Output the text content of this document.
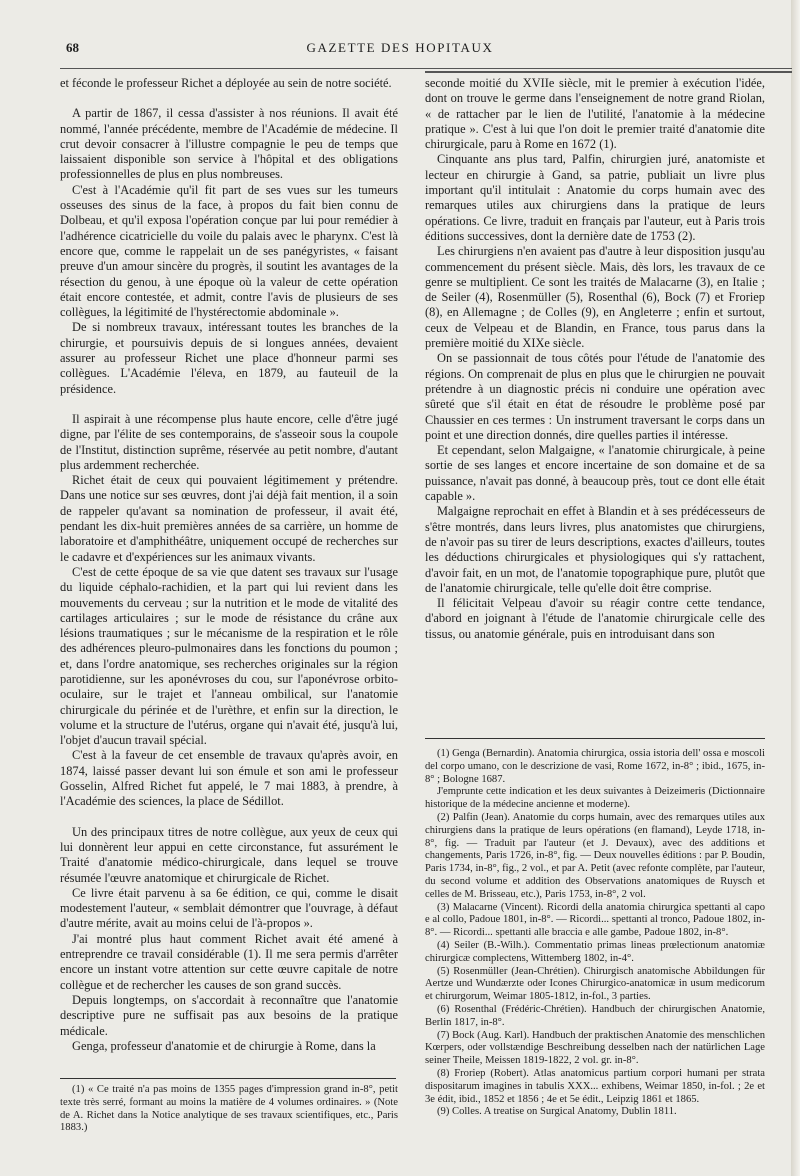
68	GAZETTE DES HOPITAUX

et féconde le professeur Richet a déployée au sein de notre société.

A partir de 1867, il cessa d'assister à nos réunions. Il avait été nommé, l'année précédente, membre de l'Académie de médecine. Il crut devoir consacrer à l'illustre compagnie le peu de temps que laissaient disponible son service à l'hôpital et des obligations professionnelles de plus en plus nombreuses.

C'est à l'Académie qu'il fit part de ses vues sur les tumeurs osseuses des sinus de la face, à propos du fait bien connu de Dolbeau, et qu'il exposa l'opération conçue par lui pour remédier à l'adhérence cicatricielle du voile du palais avec le pharynx. C'est là encore que, comme le rappelait un de ses panégyristes, « faisant preuve d'un amour sincère du progrès, il soutint les avantages de la résection du genou, à une époque où la valeur de cette opération était encore contestée, et admit, contre l'avis de plusieurs de ses collègues, la légitimité de l'hystérectomie abdominale ».

De si nombreux travaux, intéressant toutes les branches de la chirurgie, et poursuivis depuis de si longues années, devaient assurer au professeur Richet une place d'honneur parmi ses collègues. L'Académie l'éleva, en 1879, au fauteuil de la présidence.

Il aspirait à une récompense plus haute encore, celle d'être jugé digne, par l'élite de ses contemporains, de s'asseoir sous la coupole de l'Institut, distinction suprême, réservée au petit nombre, d'autant plus ardemment recherchée.

Richet était de ceux qui pouvaient légitimement y prétendre. Dans une notice sur ses œuvres, dont j'ai déjà fait mention, il a soin de rappeler qu'avant sa nomination de professeur, il avait été, pendant les dix-huit premières années de sa carrière, un homme de laboratoire et d'amphithéâtre, uniquement occupé de recherches sur le cadavre et d'expériences sur les animaux vivants.

C'est de cette époque de sa vie que datent ses travaux sur l'usage du liquide céphalo-rachidien, et la part qui lui revient dans les mouvements du cerveau ; sur la nutrition et le mode de vitalité des cartilages articulaires ; sur le mode de résistance du crâne aux lésions traumatiques ; sur le mécanisme de la respiration et le rôle des adhérences pleuro-pulmonaires dans les fonctions du poumon ; et, dans l'ordre anatomique, ses recherches originales sur la région parotidienne, sur les aponévroses du cou, sur l'aponévrose orbito-oculaire, sur le trajet et l'anneau ombilical, sur l'anatomie chirurgicale du périnée et de l'urèthre, et enfin sur la direction, le volume et la structure de l'utérus, organe qui n'avait été, jusqu'à lui, l'objet d'aucun travail spécial.

C'est à la faveur de cet ensemble de travaux qu'après avoir, en 1874, laissé passer devant lui son émule et son ami le professeur Gosselin, Alfred Richet fut appelé, le 7 mai 1883, à prendre, à l'Académie des sciences, la place de Sédillot.

Un des principaux titres de notre collègue, aux yeux de ceux qui lui donnèrent leur appui en cette circonstance, fut assurément le Traité d'anatomie médico-chirurgicale, dans lequel se trouve résumée l'œuvre anatomique et chirurgicale de Richet.

Ce livre était parvenu à sa 6e édition, ce qui, comme le disait modestement l'auteur, « semblait démontrer que l'ouvrage, à défaut d'autre mérite, avait au moins celui de l'à-propos ».

J'ai montré plus haut comment Richet avait été amené à entreprendre ce travail considérable (1). Il me sera permis d'arrêter encore un instant votre attention sur cette œuvre capitale de notre collègue et de rechercher les causes de son grand succès.

Depuis longtemps, on s'accordait à reconnaître que l'anatomie descriptive pure ne suffisait pas aux besoins de la pratique médicale.

Genga, professeur d'anatomie et de chirurgie à Rome, dans la

(1) « Ce traité n'a pas moins de 1355 pages d'impression grand in-8°, petit texte très serré, formant au moins la matière de 4 volumes ordinaires. » (Note de A. Richet dans la Notice analytique de ses travaux scientifiques, etc., Paris 1883.)

seconde moitié du XVIIe siècle, mit le premier à exécution l'idée, dont on trouve le germe dans l'enseignement de notre grand Riolan, « de rattacher par le lien de l'utilité, l'anatomie à la médecine pratique ». C'est à lui que l'on doit le premier traité d'anatomie dite chirurgicale, paru à Rome en 1672 (1).

Cinquante ans plus tard, Palfin, chirurgien juré, anatomiste et lecteur en chirurgie à Gand, sa patrie, publiait un livre plus important qu'il intitulait : Anatomie du corps humain avec des remarques utiles aux chirurgiens dans la pratique de leurs opérations. Ce livre, traduit en français par l'auteur, eut à Paris trois éditions successives, dont la dernière date de 1753 (2).

Les chirurgiens n'en avaient pas d'autre à leur disposition jusqu'au commencement du présent siècle. Mais, dès lors, les travaux de ce genre se multiplient. Ce sont les traités de Malacarne (3), en Italie ; de Seiler (4), Rosenmüller (5), Rosenthal (6), Bock (7) et Froriep (8), en Allemagne ; de Colles (9), en Angleterre ; enfin et surtout, ceux de Velpeau et de Blandin, en France, tous parus dans la première moitié du XIXe siècle.

On se passionnait de tous côtés pour l'étude de l'anatomie des régions. On comprenait de plus en plus que le chirurgien ne pouvait prétendre à un diagnostic précis ni conduire une opération avec sûreté que s'il était en état de résoudre le problème posé par Chaussier en ces termes : Un instrument traversant le corps dans un point et une direction donnés, dire quelles parties il intéresse.

Et cependant, selon Malgaigne, « l'anatomie chirurgicale, à peine sortie de ses langes et encore incertaine de son domaine et de sa puissance, n'avait pas donné, à beaucoup près, tout ce dont elle était capable ».

Malgaigne reprochait en effet à Blandin et à ses prédécesseurs de s'être montrés, dans leurs livres, plus anatomistes que chirurgiens, de n'avoir pas su tirer de leurs descriptions, exactes d'ailleurs, toutes les déductions chirurgicales et physiologiques qui s'y rattachent, d'avoir fait, en un mot, de l'anatomie topographique pure, plutôt que de l'anatomie chirurgicale, telle qu'elle doit être comprise.

Il félicitait Velpeau d'avoir su réagir contre cette tendance, d'abord en joignant à l'étude de l'anatomie chirurgicale celle des tissus, ou anatomie générale, puis en introduisant dans son

(1) Genga (Bernardin). Anatomia chirurgica, ossia istoria dell' ossa e moscoli del corpo umano, con le descrizione de vasi, Rome 1672, in-8° ; ibid., 1675, in-8° ; Bologne 1687.

J'emprunte cette indication et les deux suivantes à Deizeimeris (Dictionnaire historique de la médecine ancienne et moderne).

(2) Palfin (Jean). Anatomie du corps humain, avec des remarques utiles aux chirurgiens dans la pratique de leurs opérations (en flamand), Leyde 1718, in-8°, fig. — Traduit par l'auteur (et J. Devaux), avec des additions et changements, Paris 1726, in-8°, fig. — Deux nouvelles éditions : par P. Boudin, Paris 1734, in-8°, fig., 2 vol., et par A. Petit (avec refonte complète, par l'auteur, du second volume et addition des Observations anatomiques de Ruysch et celles de M. Brisseau, etc.), Paris 1753, in-8°, 2 vol.

(3) Malacarne (Vincent). Ricordi della anatomia chirurgica spettanti al capo e al collo, Padoue 1801, in-8°. — Ricordi... spettanti al tronco, Padoue 1802, in-8°. — Ricordi... spettanti alle braccia e alle gambe, Padoue 1802, in-8°.

(4) Seiler (B.-Wilh.). Commentatio primas lineas prœlectionum anatomiæ chirurgicæ complectens, Wittemberg 1802, in-4°.

(5) Rosenmüller (Jean-Chrétien). Chirurgisch anatomische Abbildungen für Aertze und Wundærzte oder Icones Chirurgico-anatomicæ in usum medicorum et chirurgorum, Weimar 1805-1812, in-fol., 3 parties.

(6) Rosenthal (Frédéric-Chrétien). Handbuch der chirurgischen Anatomie, Berlin 1817, in-8°.

(7) Bock (Aug. Karl). Handbuch der praktischen Anatomie des menschlichen Kœrpers, oder vollstændige Beschreibung desselben nach der natürlichen Lage seiner Theile, Meissen 1819-1822, 2 vol. gr. in-8°.

(8) Froriep (Robert). Atlas anatomicus partium corpori humani per strata dispositarum imagines in tabulis XXX... exhibens, Weimar 1850, in-fol. ; 2e et 3e édit, ibid., 1852 et 1856 ; 4e et 5e édit., Leipzig 1861 et 1865.

(9) Colles. A treatise on Surgical Anatomy, Dublin 1811.
